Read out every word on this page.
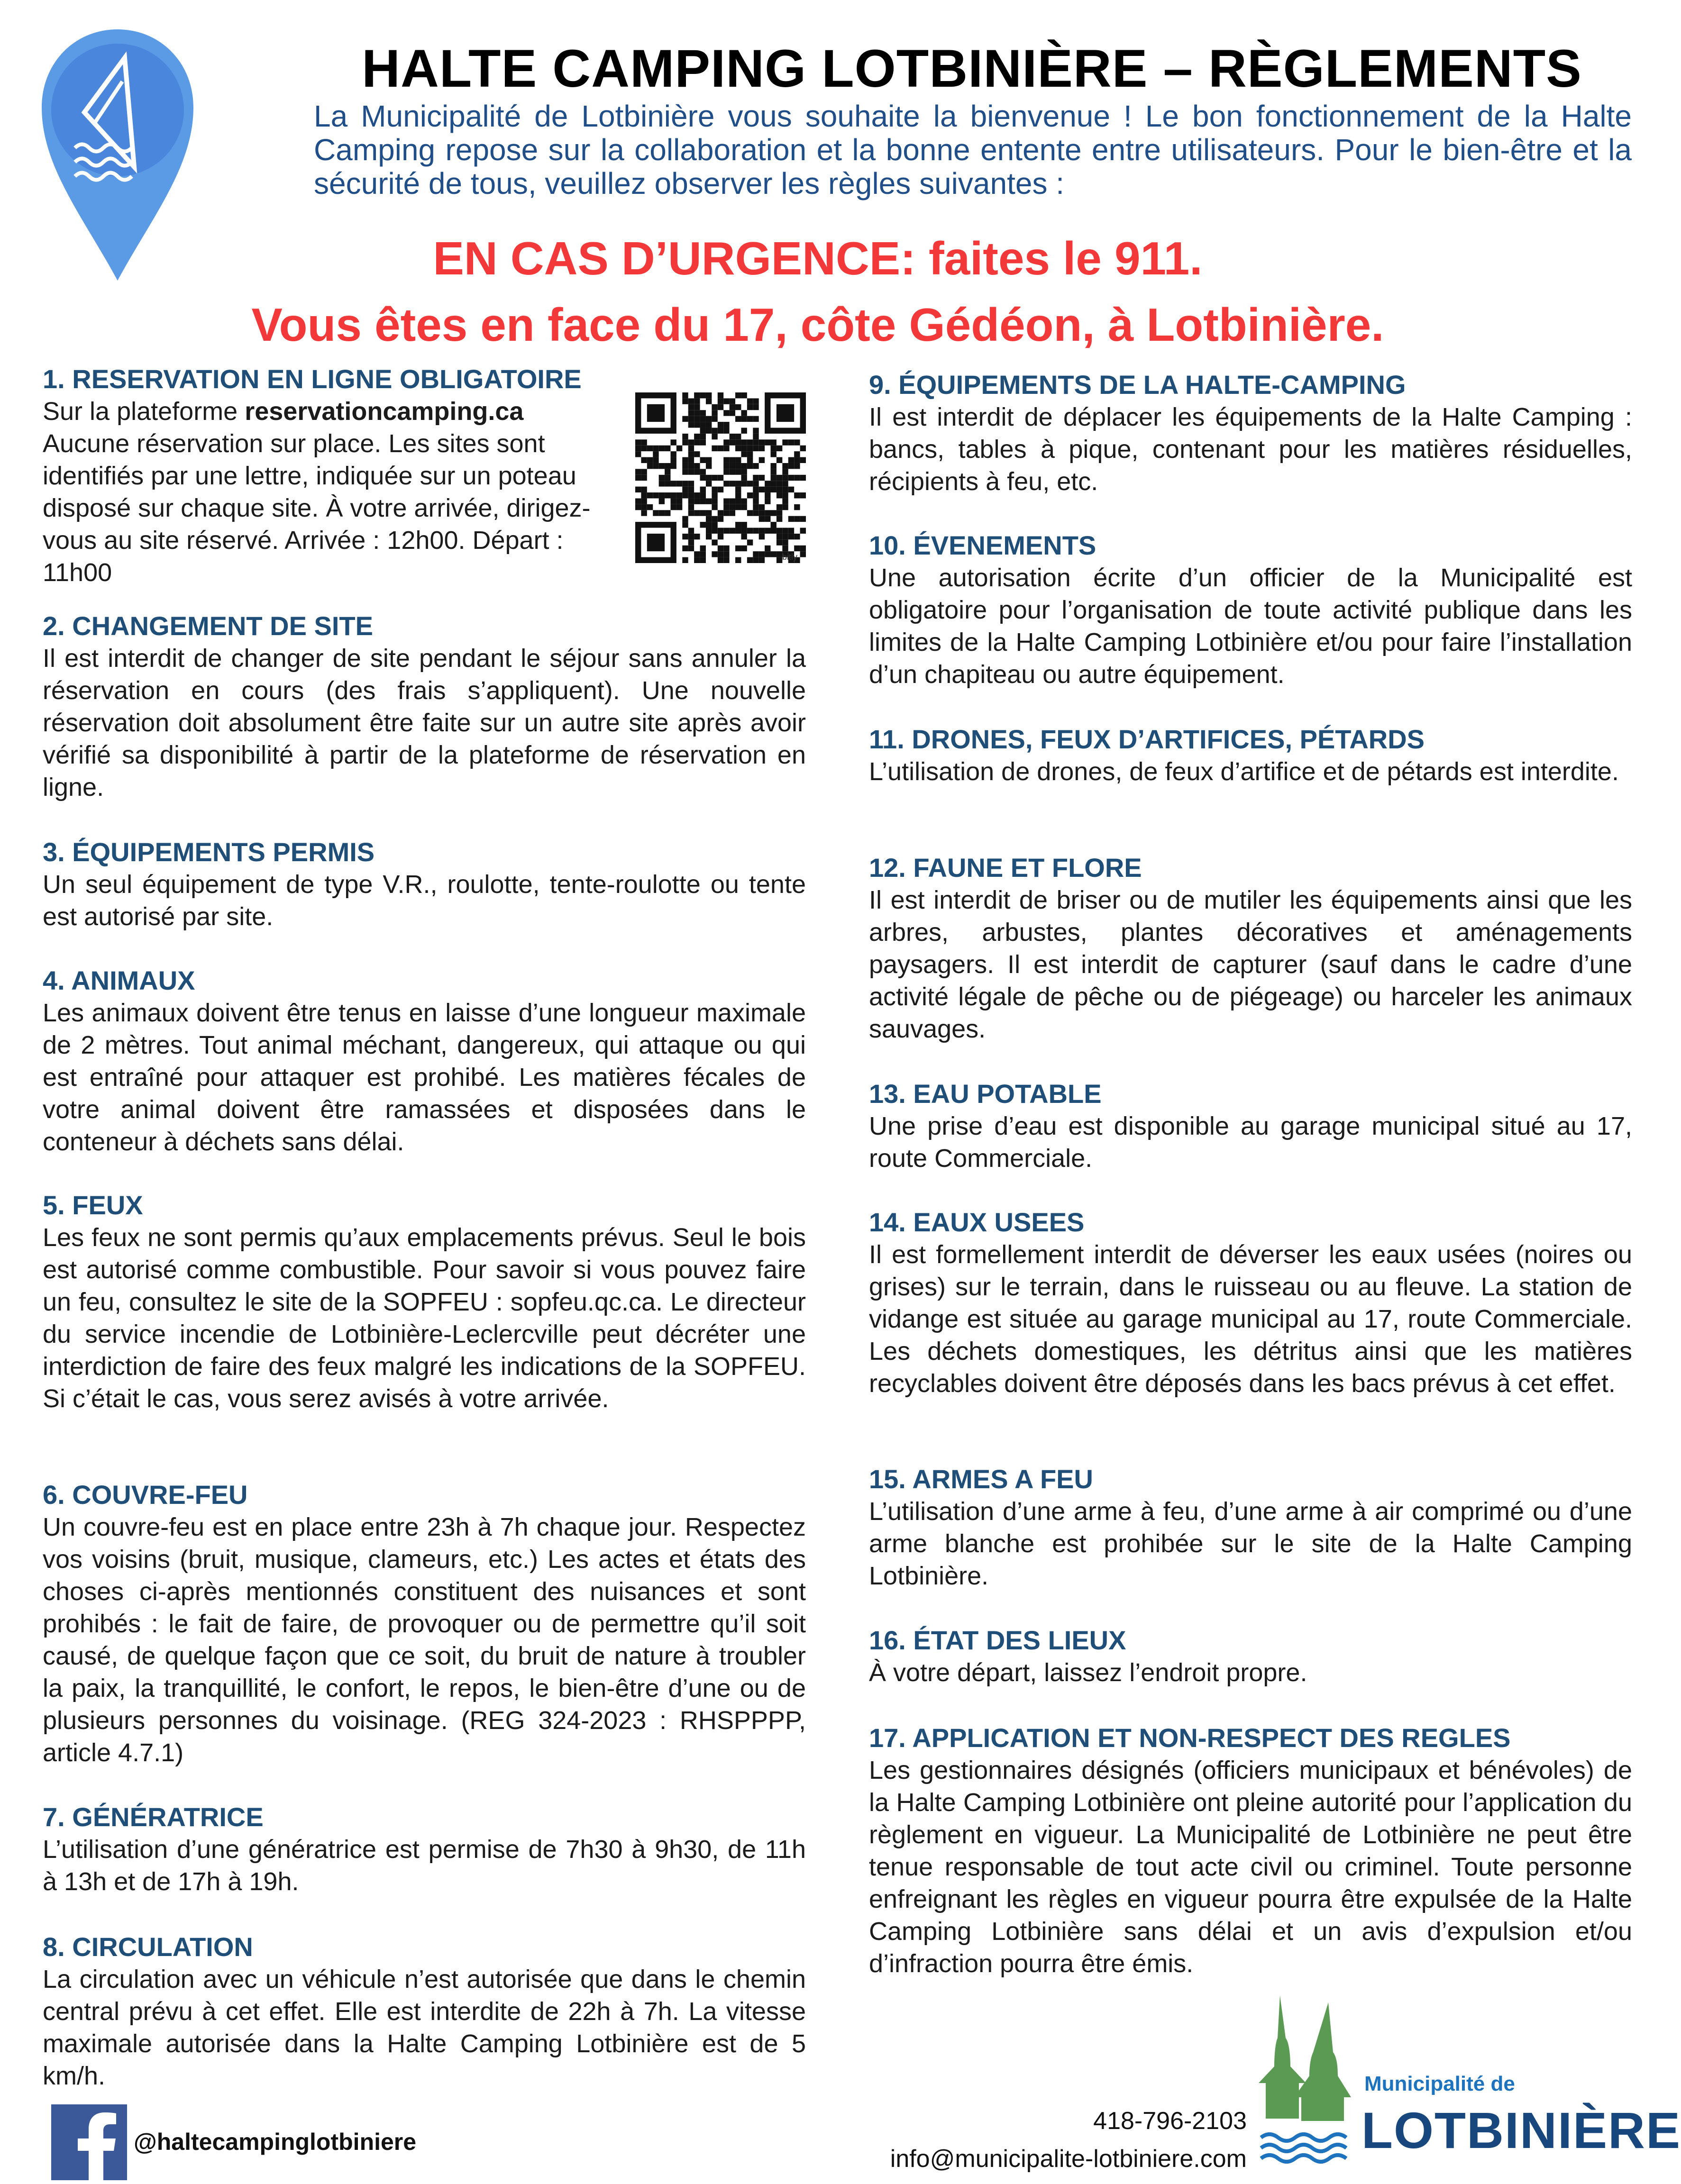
HALTE CAMPING LOTBINIÈRE – RÈGLEMENTS
La Municipalité de Lotbinière vous souhaite la bienvenue ! Le bon fonctionnement de la Halte Camping repose sur la collaboration et la bonne entente entre utilisateurs. Pour le bien-être et la sécurité de tous, veuillez observer les règles suivantes :
EN CAS D’URGENCE: faites le 911.
Vous êtes en face du 17, côte Gédéon, à Lotbinière.
1. RESERVATION EN LIGNE OBLIGATOIRE

Sur la plateforme reservationcamping.ca
Aucune réservation sur place. Les sites sont identifiés par une lettre, indiquée sur un poteau disposé sur chaque site. À votre arrivée, dirigez-vous au site réservé. Arrivée : 12h00. Départ : 11h00

bitly
2. CHANGEMENT DE SITE

Il est interdit de changer de site pendant le séjour sans annuler la réservation en cours (des frais s’appliquent). Une nouvelle réservation doit absolument être faite sur un autre site après avoir vérifié sa disponibilité à partir de la plateforme de réservation en ligne.

3. ÉQUIPEMENTS PERMIS

Un seul équipement de type V.R., roulotte, tente-roulotte ou tente est autorisé par site.

4. ANIMAUX

Les animaux doivent être tenus en laisse d’une longueur maximale de 2 mètres. Tout animal méchant, dangereux, qui attaque ou qui est entraîné pour attaquer est prohibé. Les matières fécales de votre animal doivent être ramassées et disposées dans le conteneur à déchets sans délai.

5. FEUX

Les feux ne sont permis qu’aux emplacements prévus. Seul le bois est autorisé comme combustible. Pour savoir si vous pouvez faire un feu, consultez le site de la SOPFEU : sopfeu.qc.ca. Le directeur du service incendie de Lotbinière-Leclercville peut décréter une interdiction de faire des feux malgré les indications de la SOPFEU. Si c’était le cas, vous serez avisés à votre arrivée.

6. COUVRE-FEU

Un couvre-feu est en place entre 23h à 7h chaque jour. Respectez vos voisins (bruit, musique, clameurs, etc.) Les actes et états des choses ci-après mentionnés constituent des nuisances et sont prohibés : le fait de faire, de provoquer ou de permettre qu’il soit causé, de quelque façon que ce soit, du bruit de nature à troubler la paix, la tranquillité, le confort, le repos, le bien-être d’une ou de plusieurs personnes du voisinage. (REG 324-2023 : RHSPPPP, article 4.7.1)

7. GÉNÉRATRICE

L’utilisation d’une génératrice est permise de 7h30 à 9h30, de 11h à 13h et de 17h à 19h.

8. CIRCULATION

La circulation avec un véhicule n’est autorisée que dans le chemin central prévu à cet effet. Elle est interdite de 22h à 7h. La vitesse maximale autorisée dans la Halte Camping Lotbinière est de 5 km/h.

9. ÉQUIPEMENTS DE LA HALTE-CAMPING

Il est interdit de déplacer les équipements de la Halte Camping : bancs, tables à pique, contenant pour les matières résiduelles, récipients à feu, etc.

10. ÉVENEMENTS

Une autorisation écrite d’un officier de la Municipalité est obligatoire pour l’organisation de toute activité publique dans les limites de la Halte Camping Lotbinière et/ou pour faire l’installation d’un chapiteau ou autre équipement.

11. DRONES, FEUX D’ARTIFICES, PÉTARDS

L’utilisation de drones, de feux d’artifice et de pétards est interdite.

12. FAUNE ET FLORE

Il est interdit de briser ou de mutiler les équipements ainsi que les arbres, arbustes, plantes décoratives et aménagements paysagers. Il est interdit de capturer (sauf dans le cadre d’une activité légale de pêche ou de piégeage) ou harceler les animaux sauvages.

13. EAU POTABLE

Une prise d’eau est disponible au garage municipal situé au 17, route Commerciale.

14. EAUX USEES

Il est formellement interdit de déverser les eaux usées (noires ou grises) sur le terrain, dans le ruisseau ou au fleuve. La station de vidange est située au garage municipal au 17, route Commerciale. Les déchets domestiques, les détritus ainsi que les matières recyclables doivent être déposés dans les bacs prévus à cet effet.

15. ARMES A FEU

L’utilisation d’une arme à feu, d’une arme à air comprimé ou d’une arme blanche est prohibée sur le site de la Halte Camping Lotbinière.

16. ÉTAT DES LIEUX

À votre départ, laissez l’endroit propre.

17. APPLICATION ET NON-RESPECT DES REGLES

Les gestionnaires désignés (officiers municipaux et bénévoles) de la Halte Camping Lotbinière ont pleine autorité pour l’application du règlement en vigueur. La Municipalité de Lotbinière ne peut être tenue responsable de tout acte civil ou criminel. Toute personne enfreignant les règles en vigueur pourra être expulsée de la Halte Camping Lotbinière sans délai et un avis d’expulsion et/ou d’infraction pourra être émis.

@haltecampinglotbiniere
418-796-2103
info@municipalite-lotbiniere.com
Municipalité de
LOTBINIÈRE
